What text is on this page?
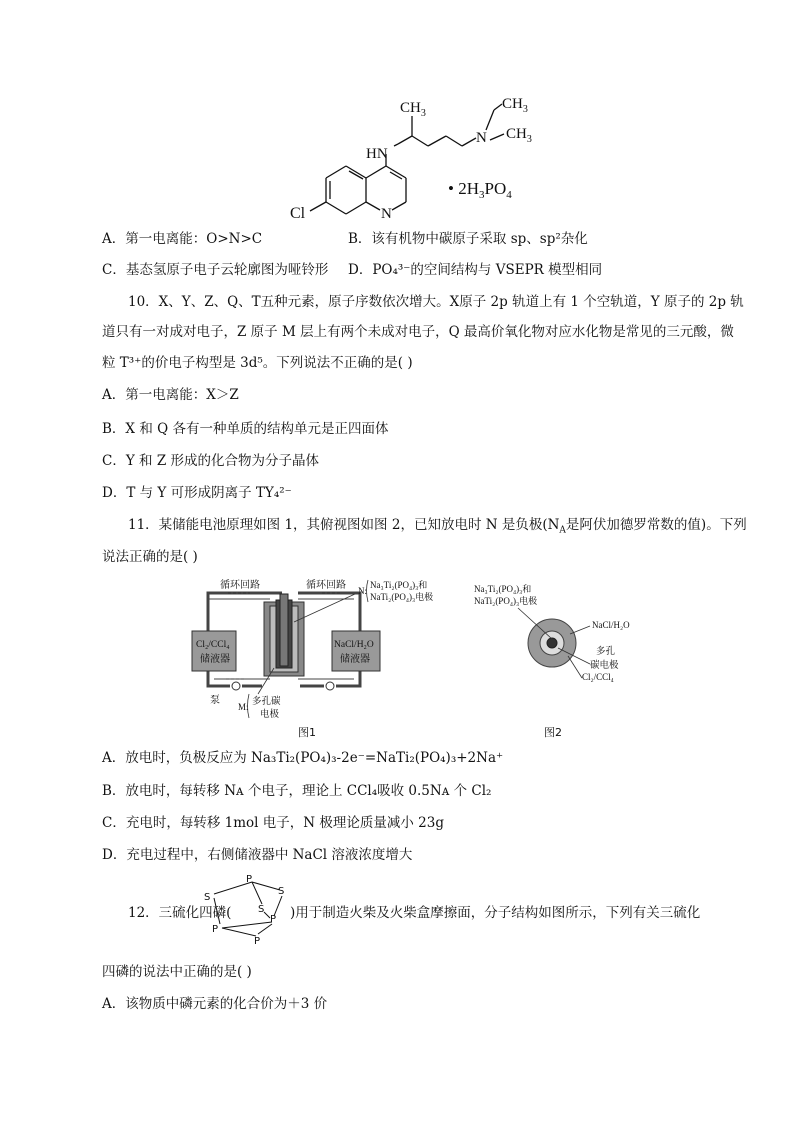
$CH_3$
HN
N
$CH_3$
$CH_3$
Cl	N
• $2H_3PO_4$
A．第一电离能：O>N>C	B．该有机物中碳原子采取 sp、sp²杂化
C．基态氢原子电子云轮廓图为哑铃形 D．PO₄³⁻的空间结构与 VSEPR 模型相同
10．X、Y、Z、Q、T五种元素，原子序数依次增大。X原子 2p 轨道上有 1 个空轨道，Y 原子的 2p 轨
道只有一对成对电子，Z 原子 M 层上有两个未成对电子，Q 最高价氧化物对应水化物是常见的三元酸，微
粒 T³⁺的价电子构型是 3d⁵。下列说法不正确的是( )
A．第一电离能：X＞Z
B．X 和 Q 各有一种单质的结构单元是正四面体
C．Y 和 Z 形成的化合物为分子晶体
D．T 与 Y 可形成阴离子 TY₄²⁻
11．某储能电池原理如图 1，其俯视图如图 2，已知放电时 N 是负极($N_A$是阿伏加德罗常数的值)。下列
说法正确的是( )
Cl₂/CCl₄
储液器
NaCl/H₂O
储液器
循环回路	循环回路
泵
N:
Na₃Ti₂(PO₄)₃和
NaTi₂(PO₄)₃电极
M: 多孔碳
电极
图1
Na₃Ti₂(PO₄)₃和
NaTi₂(PO₄)₃电极
NaCl/H₂O
多孔
碳电极
Cl₂/CCl₄
图2
A．放电时，负极反应为 Na₃Ti₂(PO₄)₃-2e⁻=NaTi₂(PO₄)₃+2Na⁺
B．放电时，每转移 Nᴀ 个电子，理论上 CCl₄吸收 0.5Nᴀ 个 Cl₂
C．充电时，每转移 1mol 电子，N 极理论质量减小 23g
D．充电过程中，右侧储液器中 NaCl 溶液浓度增大
12．三硫化四磷(
S
P
S
S
P
P
P
)用于制造火柴及火柴盒摩擦面，分子结构如图所示，下列有关三硫化
四磷的说法中正确的是( )
A．该物质中磷元素的化合价为＋3 价
